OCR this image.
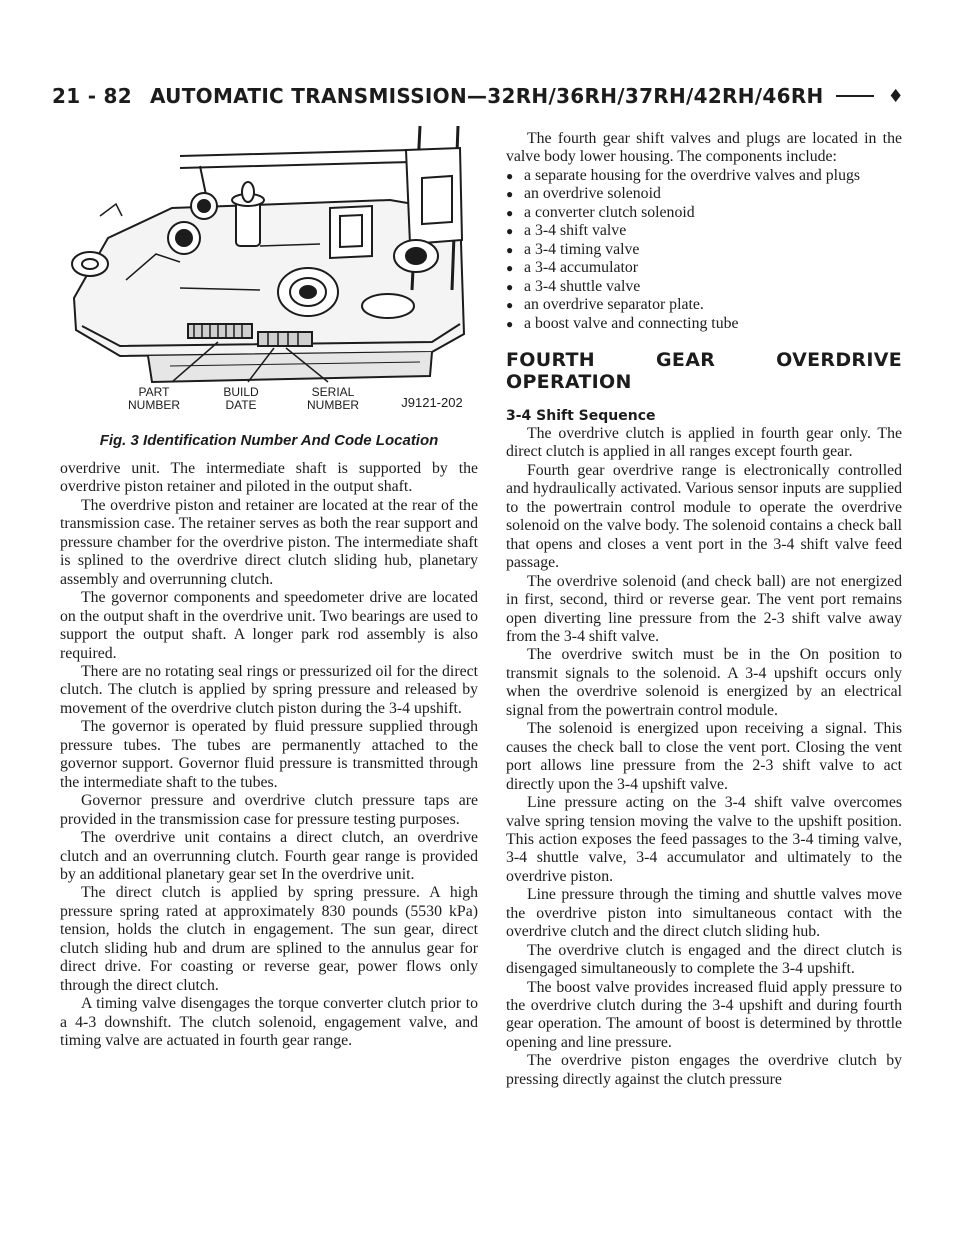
21 - 82 AUTOMATIC TRANSMISSION—32RH/36RH/37RH/42RH/46RH	♦
PART
NUMBER
BUILD
DATE
SERIAL
NUMBER	J9121-202
Fig. 3 Identification Number And Code Location

overdrive unit. The intermediate shaft is supported by the overdrive piston retainer and piloted in the output shaft.

The overdrive piston and retainer are located at the rear of the transmission case. The retainer serves as both the rear support and pressure chamber for the overdrive piston. The intermediate shaft is splined to the overdrive direct clutch sliding hub, planetary assembly and overrunning clutch.

The governor components and speedometer drive are located on the output shaft in the overdrive unit. Two bearings are used to support the output shaft. A longer park rod assembly is also required.

There are no rotating seal rings or pressurized oil for the direct clutch. The clutch is applied by spring pressure and released by movement of the overdrive clutch piston during the 3-4 upshift.

The governor is operated by fluid pressure supplied through pressure tubes. The tubes are permanently attached to the governor support. Governor fluid pressure is transmitted through the intermediate shaft to the tubes.

Governor pressure and overdrive clutch pressure taps are provided in the transmission case for pressure testing purposes.

The overdrive unit contains a direct clutch, an overdrive clutch and an overrunning clutch. Fourth gear range is provided by an additional planetary gear set In the overdrive unit.

The direct clutch is applied by spring pressure. A high pressure spring rated at approximately 830 pounds (5530 kPa) tension, holds the clutch in engagement. The sun gear, direct clutch sliding hub and drum are splined to the annulus gear for direct drive. For coasting or reverse gear, power flows only through the direct clutch.

A timing valve disengages the torque converter clutch prior to a 4-3 downshift. The clutch solenoid, engagement valve, and timing valve are actuated in fourth gear range.

The fourth gear shift valves and plugs are located in the valve body lower housing. The components include:

● a separate housing for the overdrive valves and plugs
● an overdrive solenoid
● a converter clutch solenoid
● a 3-4 shift valve
● a 3-4 timing valve
● a 3-4 accumulator
● a 3-4 shuttle valve
● an overdrive separator plate.
● a boost valve and connecting tube
FOURTH GEAR OVERDRIVE OPERATION
3-4 Shift Sequence

The overdrive clutch is applied in fourth gear only. The direct clutch is applied in all ranges except fourth gear.

Fourth gear overdrive range is electronically controlled and hydraulically activated. Various sensor inputs are supplied to the powertrain control module to operate the overdrive solenoid on the valve body. The solenoid contains a check ball that opens and closes a vent port in the 3-4 shift valve feed passage.

The overdrive solenoid (and check ball) are not energized in first, second, third or reverse gear. The vent port remains open diverting line pressure from the 2-3 shift valve away from the 3-4 shift valve.

The overdrive switch must be in the On position to transmit signals to the solenoid. A 3-4 upshift occurs only when the overdrive solenoid is energized by an electrical signal from the powertrain control module.

The solenoid is energized upon receiving a signal. This causes the check ball to close the vent port. Closing the vent port allows line pressure from the 2-3 shift valve to act directly upon the 3-4 upshift valve.

Line pressure acting on the 3-4 shift valve overcomes valve spring tension moving the valve to the upshift position. This action exposes the feed passages to the 3-4 timing valve, 3-4 shuttle valve, 3-4 accumulator and ultimately to the overdrive piston.

Line pressure through the timing and shuttle valves move the overdrive piston into simultaneous contact with the overdrive clutch and the direct clutch sliding hub.

The overdrive clutch is engaged and the direct clutch is disengaged simultaneously to complete the 3-4 upshift.

The boost valve provides increased fluid apply pressure to the overdrive clutch during the 3-4 upshift and during fourth gear operation. The amount of boost is determined by throttle opening and line pressure.

The overdrive piston engages the overdrive clutch by pressing directly against the clutch pressure
